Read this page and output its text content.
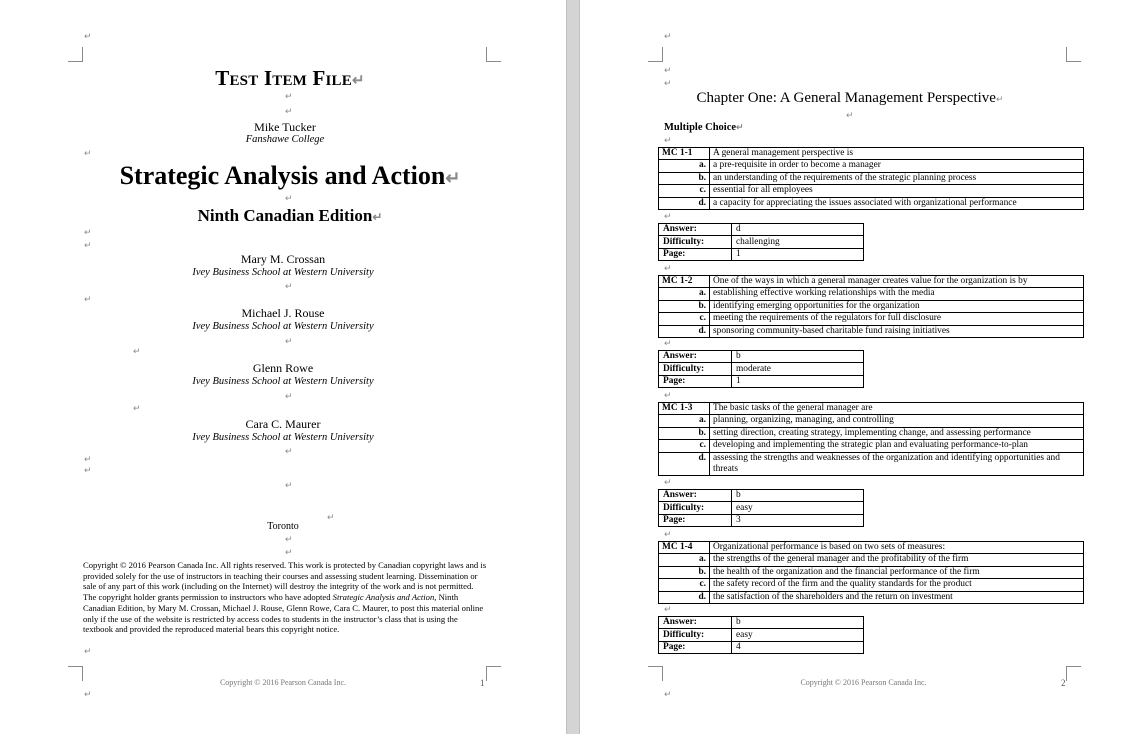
↵
↵
↵
↵
↵
↵
↵
↵
↵
↵
↵
↵
↵
↵
↵
↵
↵
↵
↵
↵
↵
↵
Test Item File↵
Mike Tucker
Fanshawe College
Strategic Analysis and Action↵
Ninth Canadian Edition↵
Mary M. Crossan
Ivey Business School at Western University
Michael J. Rouse
Ivey Business School at Western University
Glenn Rowe
Ivey Business School at Western University
Cara C. Maurer
Ivey Business School at Western University
Toronto
Copyright © 2016 Pearson Canada Inc. All rights reserved. This work is protected by Canadian copyright laws and is provided solely for the use of instructors in teaching their courses and assessing student learning. Dissemination or sale of any part of this work (including on the Internet) will destroy the integrity of the work and is not permitted. The copyright holder grants permission to instructors who have adopted Strategic Analysis and Action, Ninth Canadian Edition, by Mary M. Crossan, Michael J. Rouse, Glenn Rowe, Cara C. Maurer, to post this material online only if the use of the website is restricted by access codes to students in the instructor’s class that is using the textbook and provided the reproduced material bears this copyright notice.
Copyright © 2016 Pearson Canada Inc.	1
↵
↵
↵
↵
Chapter One: A General Management Perspective↵
Multiple Choice↵
↵
MC 1-1	A general management perspective is
a.	a pre-requisite in order to become a manager
b.	an understanding of the requirements of the strategic planning process
c.	essential for all employees
d.	a capacity for appreciating the issues associated with organizational performance
↵
Answer:	d
Difficulty:	challenging
Page:	1
↵
MC 1-2	One of the ways in which a general manager creates value for the organization is by
a.	establishing effective working relationships with the media
b.	identifying emerging opportunities for the organization
c.	meeting the requirements of the regulators for full disclosure
d.	sponsoring community-based charitable fund raising initiatives
↵
Answer:	b
Difficulty:	moderate
Page:	1
↵
MC 1-3	The basic tasks of the general manager are
a.	planning, organizing, managing, and controlling
b.	setting direction, creating strategy, implementing change, and assessing performance
c.	developing and implementing the strategic plan and evaluating performance-to-plan
d.	assessing the strengths and weaknesses of the organization and identifying opportunities and threats
↵
Answer:	b
Difficulty:	easy
Page:	3
↵
MC 1-4	Organizational performance is based on two sets of measures:
a.	the strengths of the general manager and the profitability of the firm
b.	the health of the organization and the financial performance of the firm
c.	the safety record of the firm and the quality standards for the product
d.	the satisfaction of the shareholders and the return on investment
↵
Answer:	b
Difficulty:	easy
Page:	4
Copyright © 2016 Pearson Canada Inc.	2
↵
